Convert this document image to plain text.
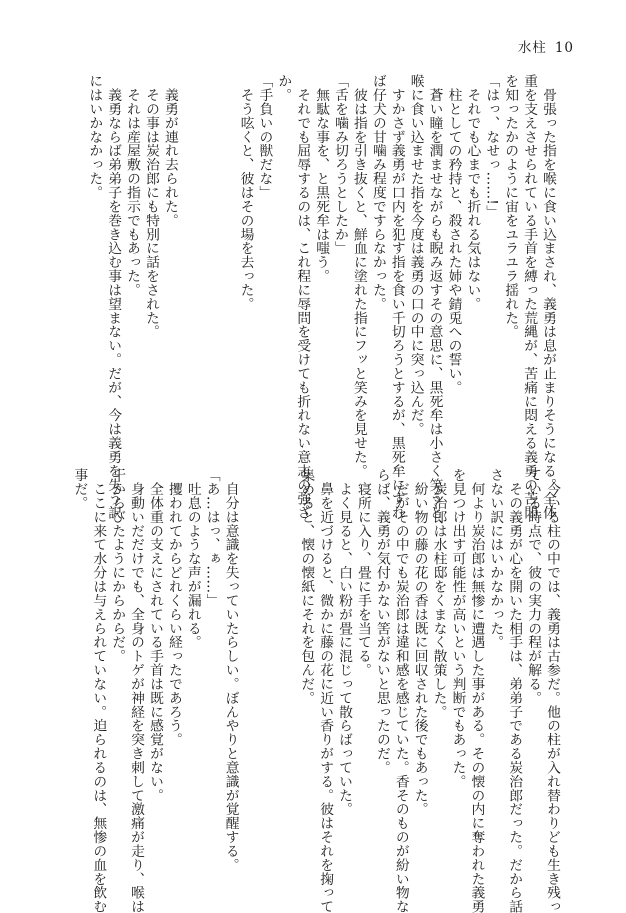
水柱 10
　骨張った指を喉に食い込まされ、義勇は息が止まりそうになる。全体
重を支えさせられている手首を縛った荒縄が、苦痛に悶える義勇の苦悶
を知ったかのように宙をユラユラ揺れた。
「はっ、なせっ……!」
　それでも心までも折れる気はない。
　柱としての矜持と、殺された姉や錆兎への誓い。
　蒼い瞳を潤ませながらも睨み返すその意思に、黒死牟は小さく笑うと、
喉に食い込ませた指を今度は義勇の口の中に突っ込んだ。
　すかさず義勇が口内を犯す指を食い千切ろうとするが、黒死牟にすれ
ば仔犬の甘噛み程度ですらなかった。
　彼は指を引き抜くと、鮮血に塗れた指にフッと笑みを見せた。
「舌を噛み切ろうとしたか」
　無駄な事を、と黒死牟は嗤う。
　それでも屈辱するのは、これ程に辱問を受けても折れない意志の強さ
か。
「手負いの獣だな」
　そう呟くと、彼はその場を去った。

　義勇が連れ去られた。
　その事は炭治郎にも特別に話をされた。
　それは産屋敷の指示でもあった。
　義勇ならば弟弟子を巻き込む事は望まない。だが、今は義勇を失う訳
にはいかなかった。
　今いる柱の中では、義勇は古参だ。他の柱が入れ替わりども生き残っ
ている時点で、彼の実力の程が解る。
　その義勇が心を開いた相手は、弟弟子である炭治郎だった。だから話
さない訳にはいかなかった。
　何より炭治郎は無惨に遭遇した事がある。その懐の内に奪われた義勇
を見つけ出す可能性が高いという判断でもあった。
　炭治郎は水柱邸をくまなく散策した。
　紛い物の藤の花の香は既に回収された後でもあった。
　だがその中でも炭治郎は違和感を感じていた。香そのものが紛い物な
らば、義勇が気付かない筈がないと思ったのだ。
　寝所に入り、畳に手を当てる。
　よく見ると、白い粉が畳に混じって散らばっていた。
　鼻を近づけると、微かに藤の花に近い香りがする。彼はそれを掬って
集めると、懐の懐紙にそれを包んだ。

　自分は意識を失っていたらしい。ぼんやりと意識が覚醒する。
「あ…はっ、ぁ……」
　吐息のような声が漏れる。
　攫われてからどれくらい経ったであろう。
　全体重の支えにされている手首は既に感覚がない。
　身動いだだけでも、全身のトゲが神経を突き刺して激痛が走り、喉は
干からびたようにからからだ。
　ここに来て水分は与えられていない。迫られるのは、無惨の血を飲む
事だ。
